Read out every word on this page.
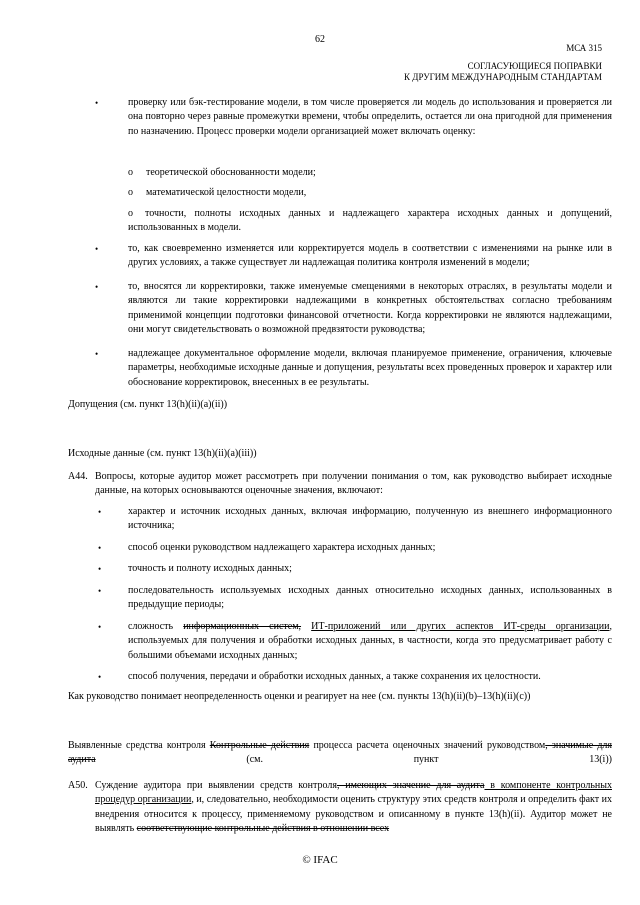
62
МСА 315
СОГЛАСУЮЩИЕСЯ ПОПРАВКИ
К ДРУГИМ МЕЖДУНАРОДНЫМ СТАНДАРТАМ
•	проверку или бэк-тестирование модели, в том числе проверяется ли модель до использования и проверяется ли она повторно через равные промежутки времени, чтобы определить, остается ли она пригодной для применения по назначению. Процесс проверки модели организацией может включать оценку:
o теоретической обоснованности модели;
o математической целостности модели,
o	точности, полноты исходных данных и надлежащего характера исходных данных и допущений, использованных в модели.
•	то, как своевременно изменяется или корректируется модель в соответствии с изменениями на рынке или в других условиях, а также существует ли надлежащая политика контроля изменений в модели;
•	то, вносятся ли корректировки, также именуемые смещениями в некоторых отраслях, в результаты модели и являются ли такие корректировки надлежащими в конкретных обстоятельствах согласно требованиям применимой концепции подготовки финансовой отчетности. Когда корректировки не являются надлежащими, они могут свидетельствовать о возможной предвзятости руководства;
•	надлежащее документальное оформление модели, включая планируемое применение, ограничения, ключевые параметры, необходимые исходные данные и допущения, результаты всех проведенных проверок и характер или обоснование корректировок, внесенных в ее результаты.
Допущения (см. пункт 13(h)(ii)(a)(ii))
Исходные данные (см. пункт 13(h)(ii)(a)(iii))
A44. Вопросы, которые аудитор может рассмотреть при получении понимания о том, как руководство выбирает исходные данные, на которых основываются оценочные значения, включают:
•	характер и источник исходных данных, включая информацию, полученную из внешнего информационного источника;
•	способ оценки руководством надлежащего характера исходных данных;
•	точность и полноту исходных данных;
•	последовательность используемых исходных данных относительно исходных данных, использованных в предыдущие периоды;
•	сложность информационных систем, ИТ-приложений или других аспектов ИТ-среды организации, используемых для получения и обработки исходных данных, в частности, когда это предусматривает работу с большими объемами исходных данных;
•	способ получения, передачи и обработки исходных данных, а также сохранения их целостности.
Как руководство понимает неопределенность оценки и реагирует на нее (см. пункты 13(h)(ii)(b)–13(h)(ii)(c))
Выявленные средства контроля Контрольные действия процесса расчета оценочных значений руководством, значимые для аудита (см. пункт 13(i))
A50. Суждение аудитора при выявлении средств контроля, имеющих значение для аудита в компоненте контрольных процедур организации, и, следовательно, необходимости оценить структуру этих средств контроля и определить факт их внедрения относится к процессу, применяемому руководством и описанному в пункте 13(h)(ii). Аудитор может не выявлять соответствующие контрольные действия в отношении всех
© IFAC
